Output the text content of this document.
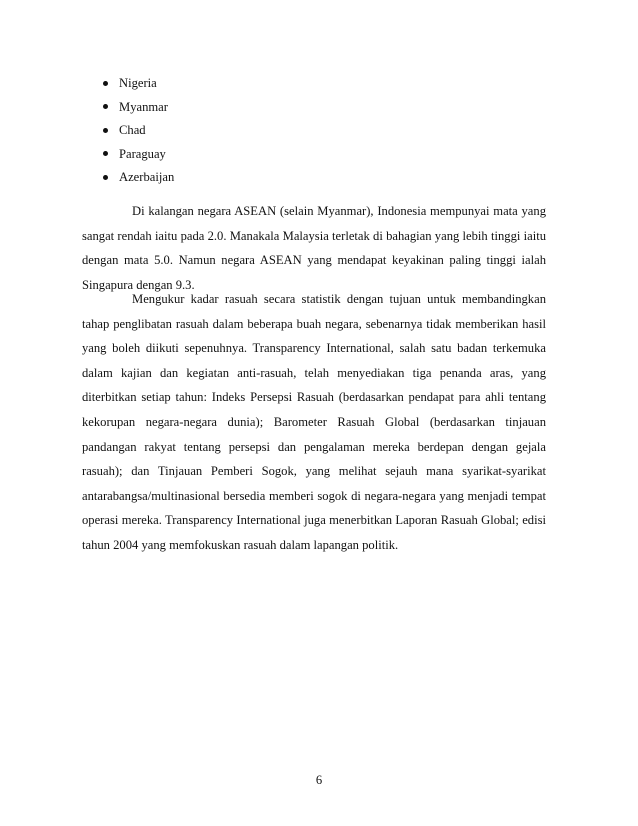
Nigeria
Myanmar
Chad
Paraguay
Azerbaijan

Di kalangan negara ASEAN (selain Myanmar), Indonesia mempunyai mata yang sangat rendah iaitu pada 2.0. Manakala Malaysia terletak di bahagian yang lebih tinggi iaitu dengan mata 5.0. Namun negara ASEAN yang mendapat keyakinan paling tinggi ialah Singapura dengan 9.3.

Mengukur kadar rasuah secara statistik dengan tujuan untuk membandingkan tahap penglibatan rasuah dalam beberapa buah negara, sebenarnya tidak memberikan hasil yang boleh diikuti sepenuhnya. Transparency International, salah satu badan terkemuka dalam kajian dan kegiatan anti-rasuah, telah menyediakan tiga penanda aras, yang diterbitkan setiap tahun: Indeks Persepsi Rasuah (berdasarkan pendapat para ahli tentang kekorupan negara-negara dunia); Barometer Rasuah Global (berdasarkan tinjauan pandangan rakyat tentang persepsi dan pengalaman mereka berdepan dengan gejala rasuah); dan Tinjauan Pemberi Sogok, yang melihat sejauh mana syarikat-syarikat antarabangsa/multinasional bersedia memberi sogok di negara-negara yang menjadi tempat operasi mereka. Transparency International juga menerbitkan Laporan Rasuah Global; edisi tahun 2004 yang memfokuskan rasuah dalam lapangan politik.

6
